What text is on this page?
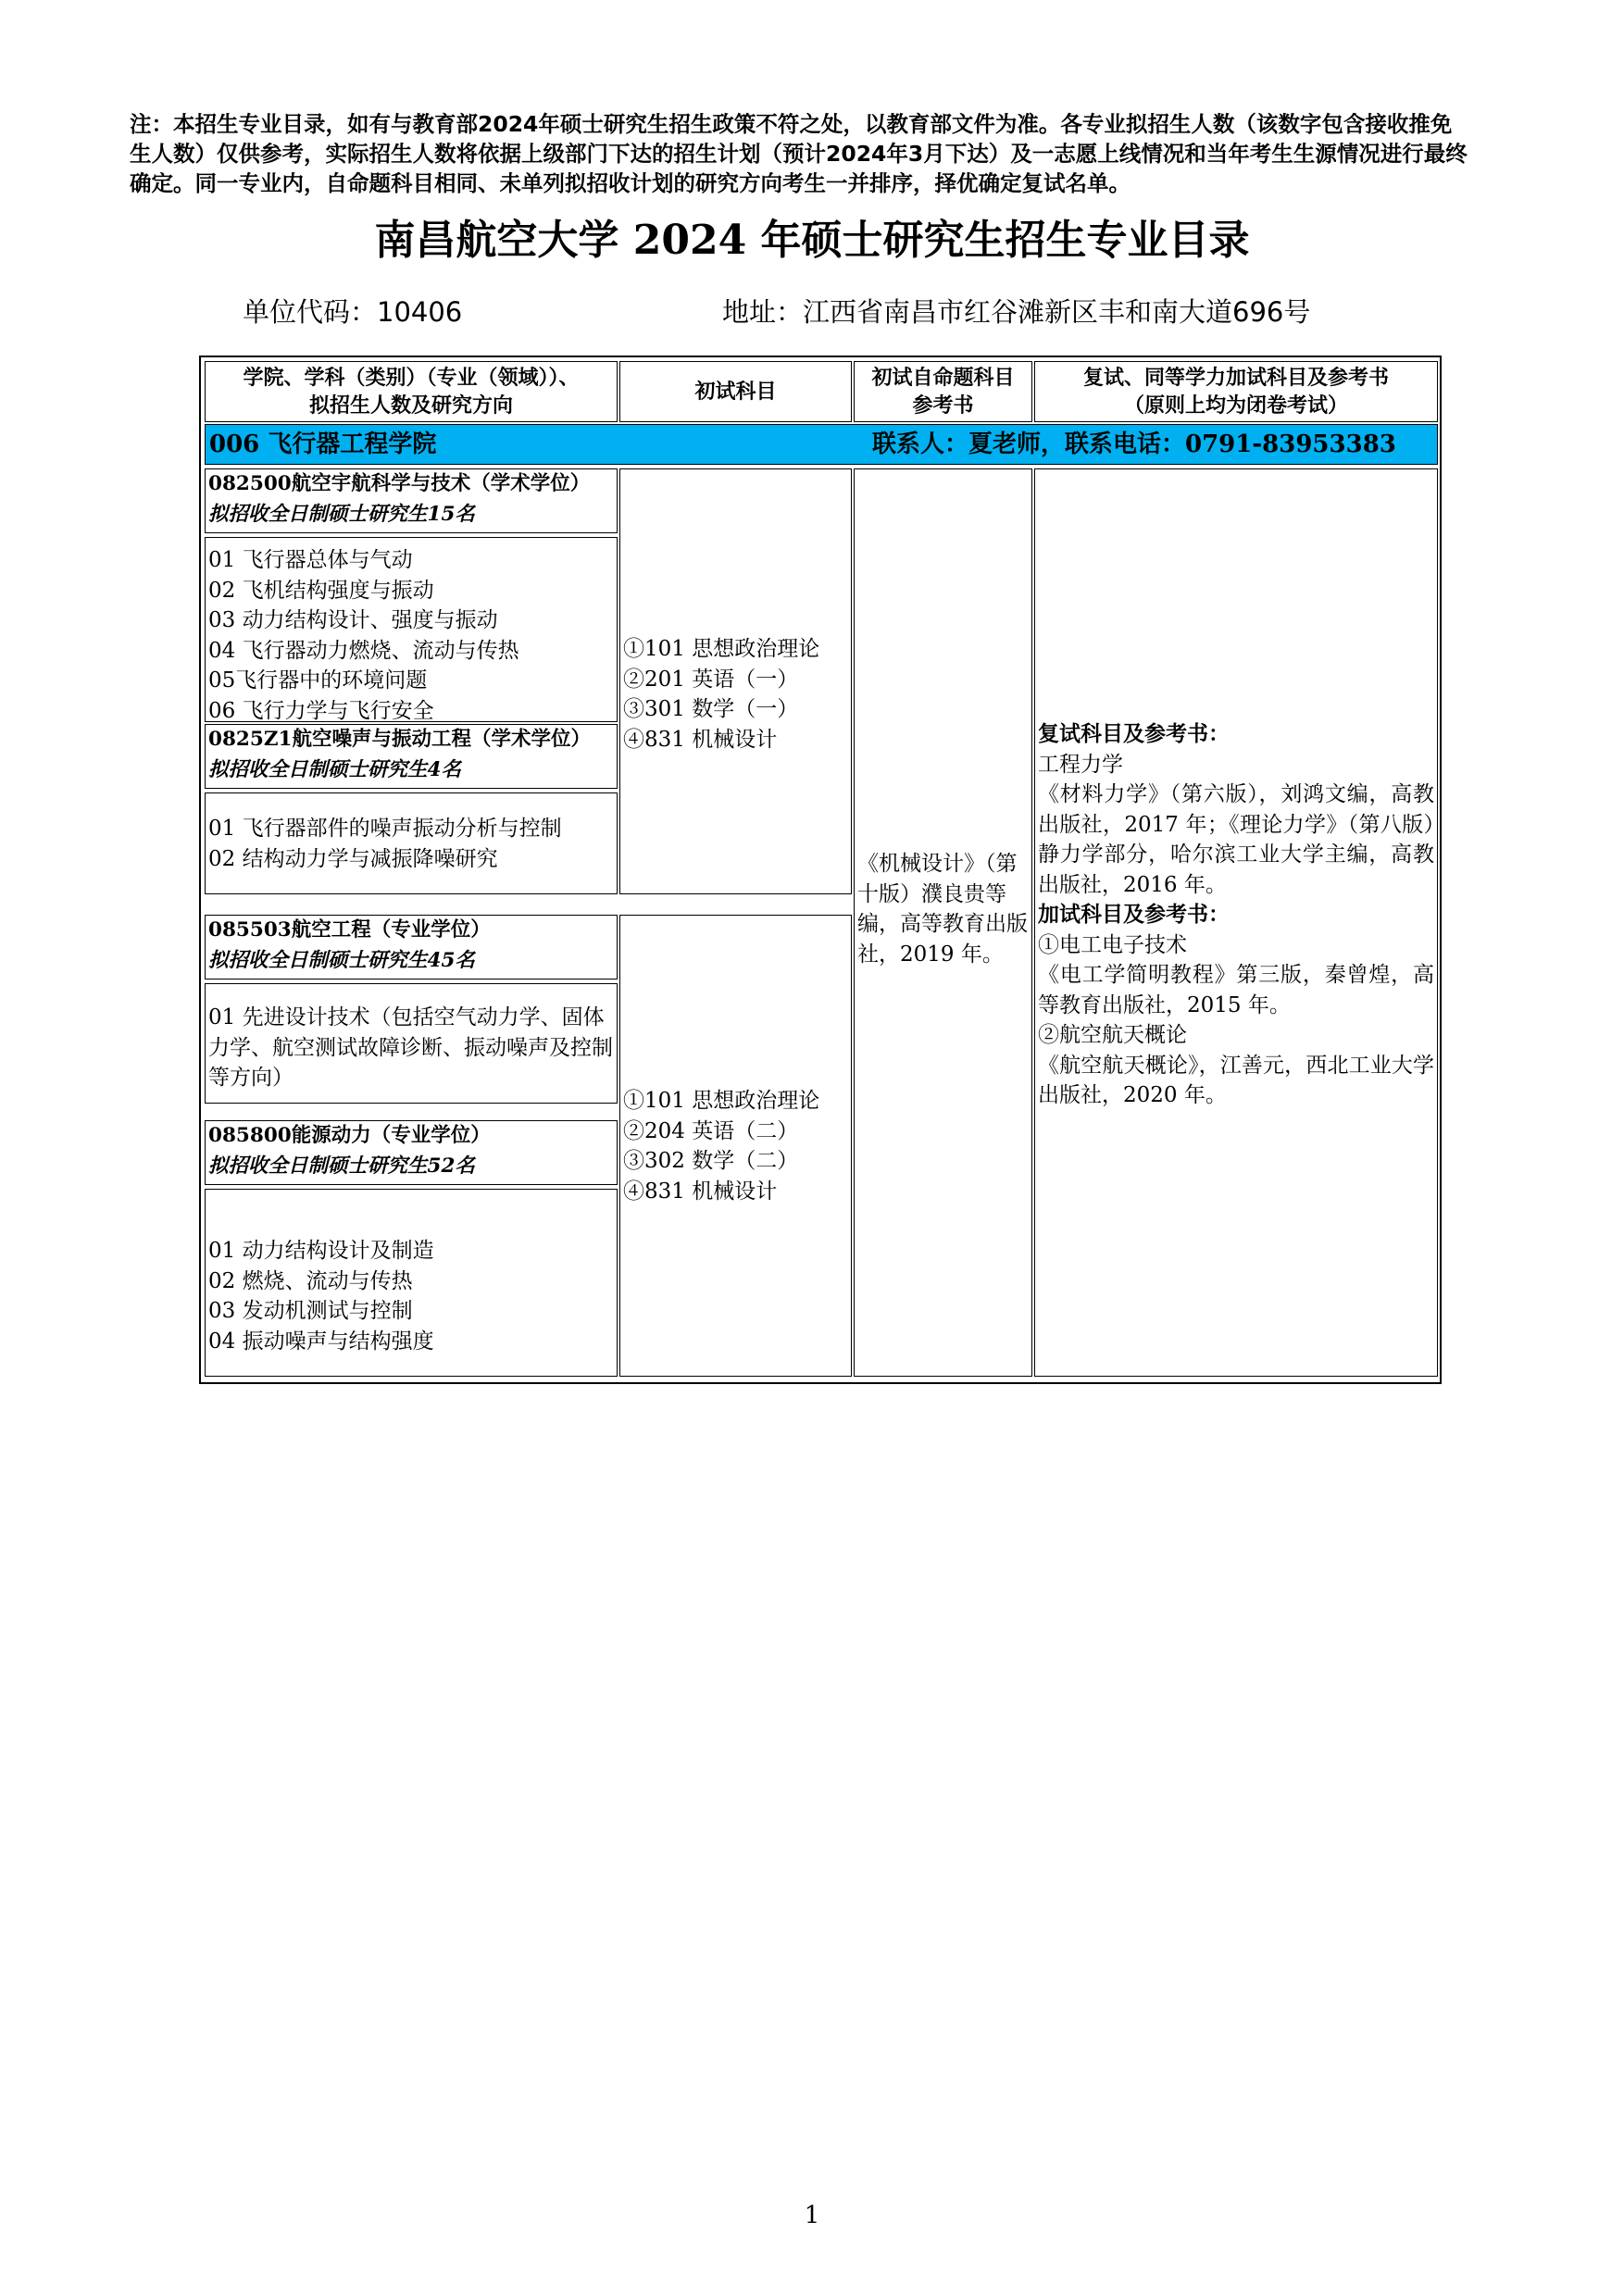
注：本招生专业目录，如有与教育部2024年硕士研究生招生政策不符之处，以教育部文件为准。各专业拟招生人数（该数字包含接收推免生人数）仅供参考，实际招生人数将依据上级部门下达的招生计划（预计2024年3月下达）及一志愿上线情况和当年考生生源情况进行最终确定。同一专业内，自命题科目相同、未单列拟招收计划的研究方向考生一并排序，择优确定复试名单。
南昌航空大学 2024 年硕士研究生招生专业目录
单位代码：10406	地址：江西省南昌市红谷滩新区丰和南大道696号
学院、学科（类别）（专业（领域））、
拟招生人数及研究方向
初试科目
初试自命题科目
参考书
复试、同等学力加试科目及参考书
（原则上均为闭卷考试）
006 飞行器工程学院	联系人：夏老师，联系电话：0791-83953383
082500航空宇航科学与技术（学术学位）
拟招收全日制硕士研究生15名
01 飞行器总体与气动
02 飞机结构强度与振动
03 动力结构设计、强度与振动
04 飞行器动力燃烧、流动与传热
05飞行器中的环境问题
06 飞行力学与飞行安全
0825Z1航空噪声与振动工程（学术学位）
拟招收全日制硕士研究生4名
01 飞行器部件的噪声振动分析与控制
02 结构动力学与减振降噪研究
085503航空工程（专业学位）
拟招收全日制硕士研究生45名
01 先进设计技术（包括空气动力学、固体力学、航空测试故障诊断、振动噪声及控制等方向）
085800能源动力（专业学位）
拟招收全日制硕士研究生52名
01 动力结构设计及制造
02 燃烧、流动与传热
03 发动机测试与控制
04 振动噪声与结构强度
①101 思想政治理论
②201 英语（一）
③301 数学（一）
④831 机械设计
①101 思想政治理论
②204 英语（二）
③302 数学（二）
④831 机械设计
《机械设计》（第十版）濮良贵等编，高等教育出版社，2019 年。
复试科目及参考书：
工程力学
《材料力学》（第六版），刘鸿文编，高教出版社，2017 年；《理论力学》（第八版）静力学部分，哈尔滨工业大学主编，高教出版社，2016 年。
加试科目及参考书：
①电工电子技术
《电工学简明教程》第三版，秦曾煌，高等教育出版社，2015 年。
②航空航天概论
《航空航天概论》，江善元，西北工业大学出版社，2020 年。
1
